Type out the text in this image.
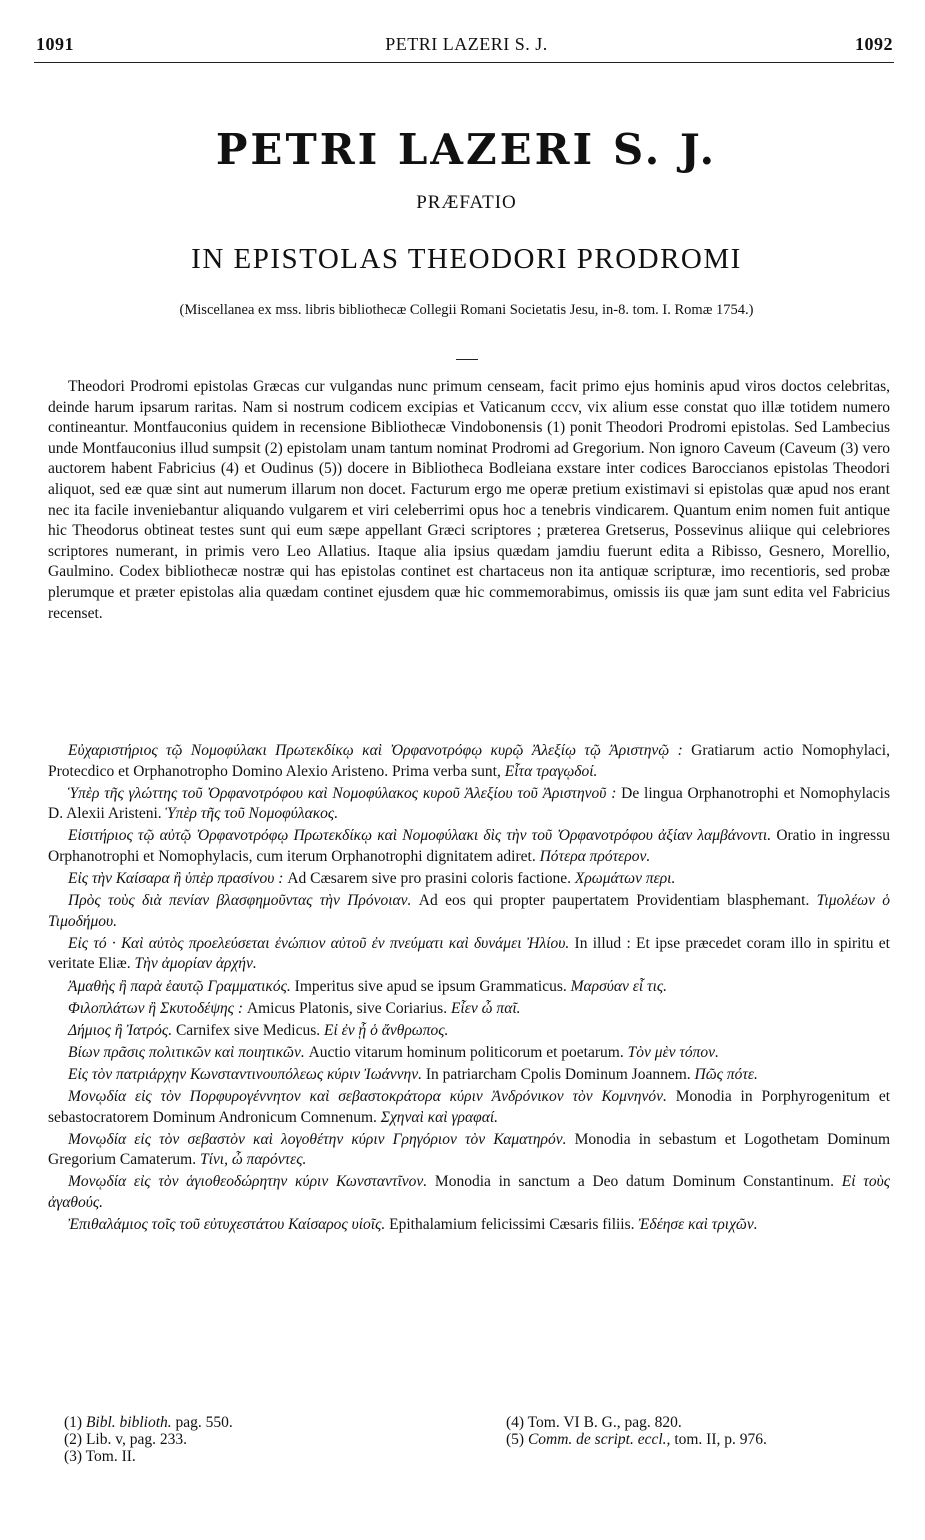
1091	PETRI LAZERI S. J.	1092
PETRI LAZERI S. J.
PRÆFATIO
IN EPISTOLAS THEODORI PRODROMI
(Miscellanea ex mss. libris bibliothecæ Collegii Romani Societatis Jesu, in-8. tom. I. Romæ 1754.)

Theodori Prodromi epistolas Græcas cur vulgandas nunc primum censeam, facit primo ejus hominis apud viros doctos celebritas, deinde harum ipsarum raritas. Nam si nostrum codicem excipias et Vaticanum cccv, vix alium esse constat quo illæ totidem numero contineantur. Montfauconius quidem in recensione Bibliothecæ Vindobonensis (1) ponit Theodori Prodromi epistolas. Sed Lambecius unde Montfauconius illud sumpsit (2) epistolam unam tantum nominat Prodromi ad Gregorium. Non ignoro Caveum (Caveum (3) vero auctorem habent Fabricius (4) et Oudinus (5)) docere in Bibliotheca Bodleiana exstare inter codices Baroccianos epistolas Theodori aliquot, sed eæ quæ sint aut numerum illarum non docet. Facturum ergo me operæ pretium existimavi si epistolas quæ apud nos erant nec ita facile inveniebantur aliquando vulgarem et viri celeberrimi opus hoc a tenebris vindicarem. Quantum enim nomen fuit antique hic Theodorus obtineat testes sunt qui eum sæpe appellant Græci scriptores ; præterea Gretserus, Possevinus aliique qui celebriores scriptores numerant, in primis vero Leo Allatius. Itaque alia ipsius quædam jamdiu fuerunt edita a Ribisso, Gesnero, Morellio, Gaulmino. Codex bibliothecæ nostræ qui has epistolas continet est chartaceus non ita antiquæ scripturæ, imo recentioris, sed probæ plerumque et præter epistolas alia quædam continet ejusdem quæ hic commemorabimus, omissis iis quæ jam sunt edita vel Fabricius recenset.

Εὐχαριστήριος τῷ Νομοφύλακι Πρωτεκδίκῳ καὶ Ὀρφανοτρόφῳ κυρῷ Ἀλεξίῳ τῷ Ἀριστηνῷ : Gratiarum actio Nomophylaci, Protecdico et Orphanotropho Domino Alexio Aristeno. Prima verba sunt, Εἶτα τραγῳδοί.

Ὑπὲρ τῆς γλώττης τοῦ Ὀρφανοτρόφου καὶ Νομοφύλακος κυροῦ Ἀλεξίου τοῦ Ἀριστηνοῦ : De lingua Orphanotrophi et Nomophylacis D. Alexii Aristeni. Ὑπὲρ τῆς τοῦ Νομοφύλακος.

Εἰσιτήριος τῷ αὐτῷ Ὀρφανοτρόφῳ Πρωτεκδίκῳ καὶ Νομοφύλακι δὶς τὴν τοῦ Ὀρφανοτρόφου ἀξίαν λαμβάνοντι. Oratio in ingressu Orphanotrophi et Nomophylacis, cum iterum Orphanotrophi dignitatem adiret. Πότερα πρότερον.

Εἰς τὴν Καίσαρα ἢ ὑπὲρ πρασίνου : Ad Cæsarem sive pro prasini coloris factione. Χρωμάτων περι.

Πρὸς τοὺς διὰ πενίαν βλασφημοῦντας τὴν Πρόνοιαν. Ad eos qui propter paupertatem Providentiam blasphemant. Τιμολέων ὁ Τιμοδήμου.

Εἰς τό · Καὶ αὐτὸς προελεύσεται ἐνώπιον αὐτοῦ ἐν πνεύματι καὶ δυνάμει Ἠλίου. In illud : Et ipse præcedet coram illo in spiritu et veritate Eliæ. Τὴν ἀμορίαν ἀρχήν.

Ἀμαθὴς ἢ παρὰ ἑαυτῷ Γραμματικός. Imperitus sive apud se ipsum Grammaticus. Μαρσύαν εἶ τις.

Φιλοπλάτων ἢ Σκυτοδέψης : Amicus Platonis, sive Coriarius. Εἶεν ὦ παῖ.

Δήμιος ἢ Ἰατρός. Carnifex sive Medicus. Εἰ ἐν ᾖ ὁ ἄνθρωπος.

Βίων πρᾶσις πολιτικῶν καὶ ποιητικῶν. Auctio vitarum hominum politicorum et poetarum. Τὸν μὲν τόπον.

Εἰς τὸν πατριάρχην Κωνσταντινουπόλεως κύριν Ἰωάννην. In patriarcham Cpolis Dominum Joannem. Πῶς πότε.

Μονῳδία εἰς τὸν Πορφυρογέννητον καὶ σεβαστοκράτορα κύριν Ἀνδρόνικον τὸν Κομνηνόν. Monodia in Porphyrogenitum et sebastocratorem Dominum Andronicum Comnenum. Σχηναὶ καὶ γραφαί.

Μονῳδία εἰς τὸν σεβαστὸν καὶ λογοθέτην κύριν Γρηγόριον τὸν Καματηρόν. Monodia in sebastum et Logothetam Dominum Gregorium Camaterum. Τίνι, ὦ παρόντες.

Μονῳδία εἰς τὸν ἁγιοθεοδώρητην κύριν Κωνσταντῖνον. Monodia in sanctum a Deo datum Dominum Constantinum. Εἰ τοὺς ἀγαθούς.

Ἐπιθαλάμιος τοῖς τοῦ εὐτυχεστάτου Καίσαρος υἱοῖς. Epithalamium felicissimi Cæsaris filiis. Ἐδέησε καὶ τριχῶν.

(1) Bibl. biblioth. pag. 550.
(2) Lib. v, pag. 233.
(3) Tom. II.
(4) Tom. VI B. G., pag. 820.
(5) Comm. de script. eccl., tom. II, p. 976.
